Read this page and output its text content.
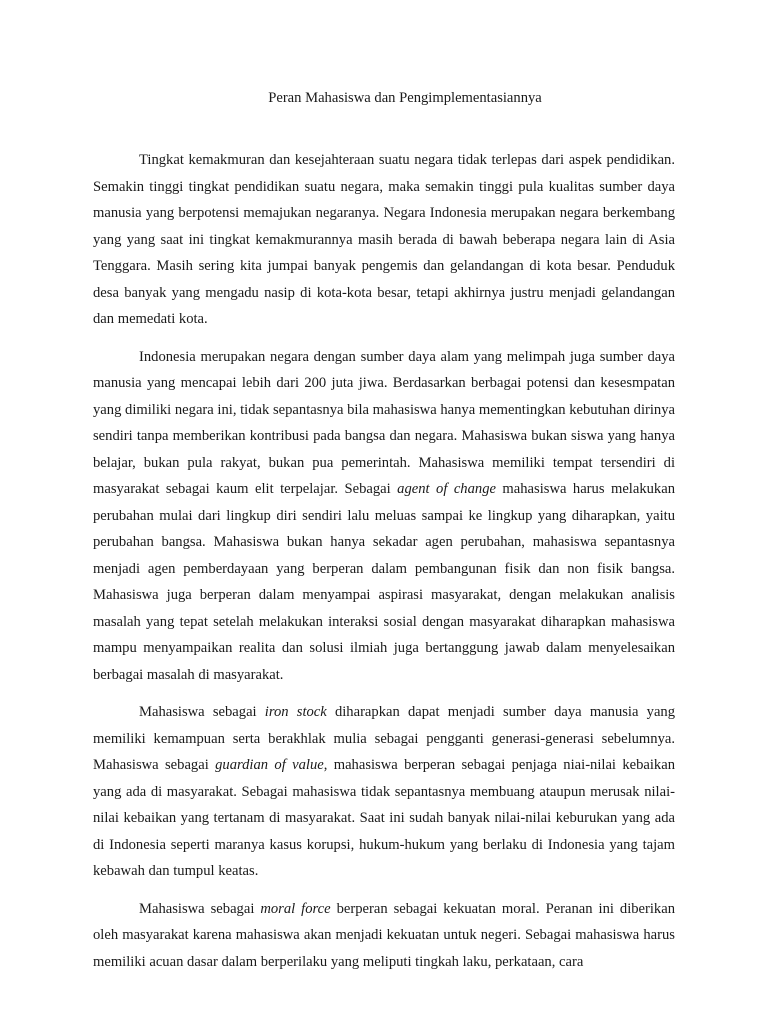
Peran Mahasiswa dan Pengimplementasiannya

Tingkat kemakmuran dan kesejahteraan suatu negara tidak terlepas dari aspek pendidikan. Semakin tinggi tingkat pendidikan suatu negara, maka semakin tinggi pula kualitas sumber daya manusia yang berpotensi memajukan negaranya. Negara Indonesia merupakan negara berkembang yang yang saat ini tingkat kemakmurannya masih berada di bawah beberapa negara lain di Asia Tenggara. Masih sering kita jumpai banyak pengemis dan gelandangan di kota besar. Penduduk desa banyak yang mengadu nasip di kota-kota besar, tetapi akhirnya justru menjadi gelandangan dan memedati kota.

Indonesia merupakan negara dengan sumber daya alam yang melimpah juga sumber daya manusia yang mencapai lebih dari 200 juta jiwa. Berdasarkan berbagai potensi dan kesesmpatan yang dimiliki negara ini, tidak sepantasnya bila mahasiswa hanya mementingkan kebutuhan dirinya sendiri tanpa memberikan kontribusi pada bangsa dan negara. Mahasiswa bukan siswa yang hanya belajar, bukan pula rakyat, bukan pua pemerintah. Mahasiswa memiliki tempat tersendiri di masyarakat sebagai kaum elit terpelajar. Sebagai agent of change mahasiswa harus melakukan perubahan mulai dari lingkup diri sendiri lalu meluas sampai ke lingkup yang diharapkan, yaitu perubahan bangsa. Mahasiswa bukan hanya sekadar agen perubahan, mahasiswa sepantasnya menjadi agen pemberdayaan yang berperan dalam pembangunan fisik dan non fisik bangsa. Mahasiswa juga berperan dalam menyampai aspirasi masyarakat, dengan melakukan analisis masalah yang tepat setelah melakukan interaksi sosial dengan masyarakat diharapkan mahasiswa mampu menyampaikan realita dan solusi ilmiah juga bertanggung jawab dalam menyelesaikan berbagai masalah di masyarakat.

Mahasiswa sebagai iron stock diharapkan dapat menjadi sumber daya manusia yang memiliki kemampuan serta berakhlak mulia sebagai pengganti generasi-generasi sebelumnya. Mahasiswa sebagai guardian of value, mahasiswa berperan sebagai penjaga niai-nilai kebaikan yang ada di masyarakat. Sebagai mahasiswa tidak sepantasnya membuang ataupun merusak nilai-nilai kebaikan yang tertanam di masyarakat. Saat ini sudah banyak nilai-nilai keburukan yang ada di Indonesia seperti maranya kasus korupsi, hukum-hukum yang berlaku di Indonesia yang tajam kebawah dan tumpul keatas.

Mahasiswa sebagai moral force berperan sebagai kekuatan moral. Peranan ini diberikan oleh masyarakat karena mahasiswa akan menjadi kekuatan untuk negeri. Sebagai mahasiswa harus memiliki acuan dasar dalam berperilaku yang meliputi tingkah laku, perkataan, cara
